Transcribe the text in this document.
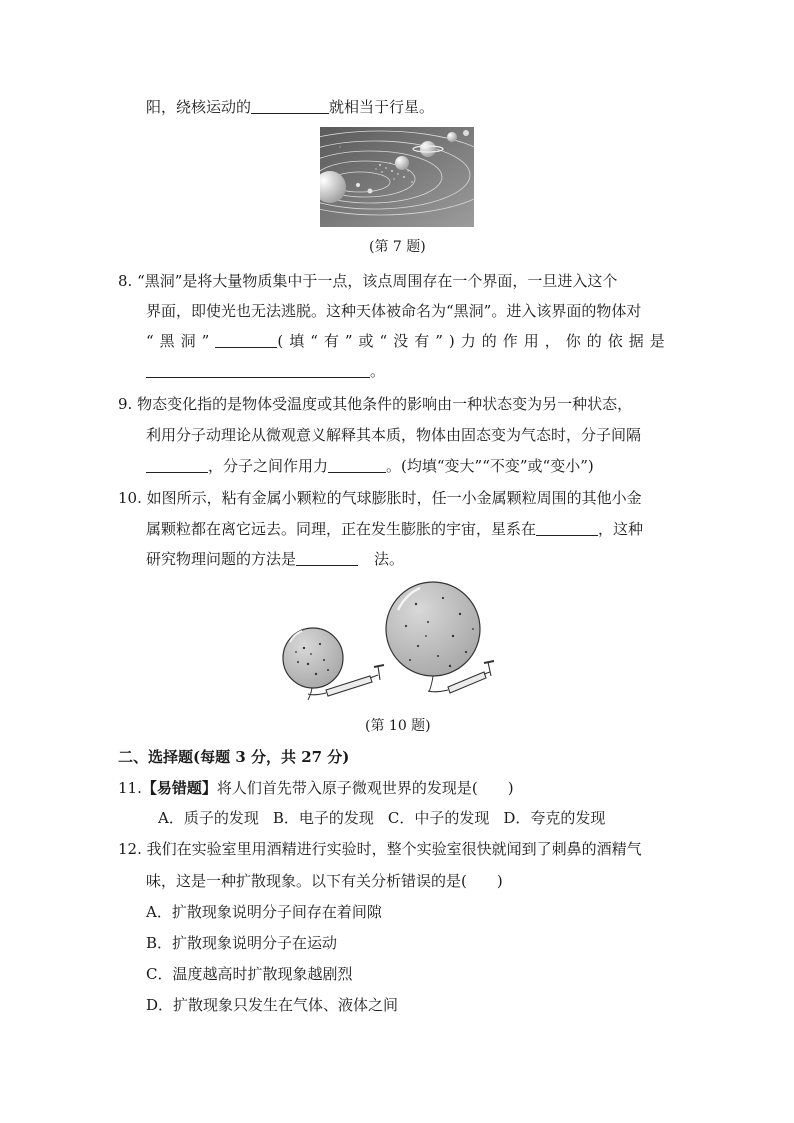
阳，绕核运动的	就相当于行星。
(第 7 题)
8. “黑洞”是将大量物质集中于一点，该点周围存在一个界面，一旦进入这个
界面，即使光也无法逃脱。这种天体被命名为“黑洞”。进入该界面的物体对
“黑洞”	(填“有”或“没有”)力的作用，你的依据是
。
9. 物态变化指的是物体受温度或其他条件的影响由一种状态变为另一种状态，
利用分子动理论从微观意义解释其本质，物体由固态变为气态时，分子间隔
，分子之间作用力	。(均填“变大”“不变”或“变小”)
10. 如图所示，粘有金属小颗粒的气球膨胀时，任一小金属颗粒周围的其他小金
属颗粒都在离它远去。同理，正在发生膨胀的宇宙，星系在	，这种
研究物理问题的方法是	法。
(第 10 题)
二、选择题(每题 3 分，共 27 分)
11.【易错题】将人们首先带入原子微观世界的发现是(　　)
A．质子的发现 B．电子的发现 C．中子的发现 D．夸克的发现
12. 我们在实验室里用酒精进行实验时，整个实验室很快就闻到了刺鼻的酒精气
味，这是一种扩散现象。以下有关分析错误的是(　　)
A．扩散现象说明分子间存在着间隙
B．扩散现象说明分子在运动
C．温度越高时扩散现象越剧烈
D．扩散现象只发生在气体、液体之间
